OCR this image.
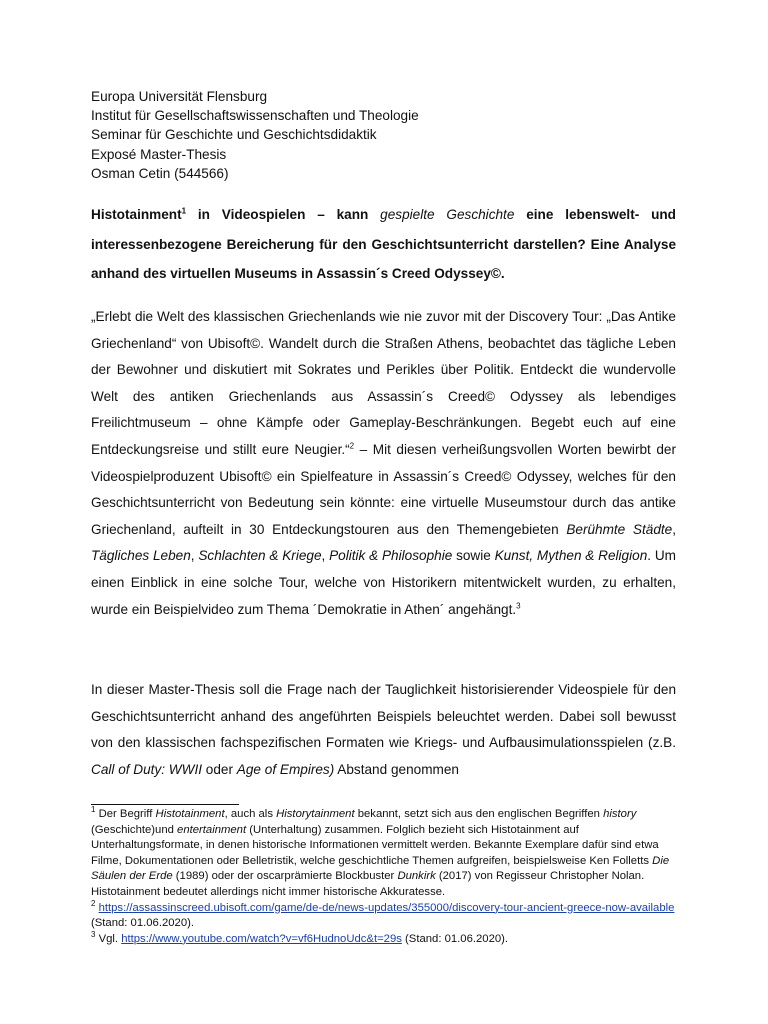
Europa Universität Flensburg
Institut für Gesellschaftswissenschaften und Theologie
Seminar für Geschichte und Geschichtsdidaktik
Exposé Master-Thesis
Osman Cetin (544566)
Histotainment$^1$ in Videospielen – kann gespielte Geschichte eine lebenswelt- und interessenbezogene Bereicherung für den Geschichtsunterricht darstellen? Eine Analyse anhand des virtuellen Museums in Assassin´s Creed Odyssey©.
„Erlebt die Welt des klassischen Griechenlands wie nie zuvor mit der Discovery Tour: „Das Antike Griechenland“ von Ubisoft©. Wandelt durch die Straßen Athens, beobachtet das tägliche Leben der Bewohner und diskutiert mit Sokrates und Perikles über Politik. Entdeckt die wundervolle Welt des antiken Griechenlands aus Assassin´s Creed© Odyssey als lebendiges Freilichtmuseum – ohne Kämpfe oder Gameplay-Beschränkungen. Begebt euch auf eine Entdeckungsreise und stillt eure Neugier.“$^2$ – Mit diesen verheißungsvollen Worten bewirbt der Videospielproduzent Ubisoft© ein Spielfeature in Assassin´s Creed© Odyssey, welches für den Geschichtsunterricht von Bedeutung sein könnte: eine virtuelle Museumstour durch das antike Griechenland, aufteilt in 30 Entdeckungstouren aus den Themengebieten Berühmte Städte, Tägliches Leben, Schlachten & Kriege, Politik & Philosophie sowie Kunst, Mythen & Religion. Um einen Einblick in eine solche Tour, welche von Historikern mitentwickelt wurden, zu erhalten, wurde ein Beispielvideo zum Thema ´Demokratie in Athen´ angehängt.$^3$
In dieser Master-Thesis soll die Frage nach der Tauglichkeit historisierender Videospiele für den Geschichtsunterricht anhand des angeführten Beispiels beleuchtet werden. Dabei soll bewusst von den klassischen fachspezifischen Formaten wie Kriegs- und Aufbausimulationsspielen (z.B. Call of Duty: WWII oder Age of Empires) Abstand genommen

$^1$ Der Begriff Histotainment, auch als Historytainment bekannt, setzt sich aus den englischen Begriffen history (Geschichte)und entertainment (Unterhaltung) zusammen. Folglich bezieht sich Histotainment auf Unterhaltungsformate, in denen historische Informationen vermittelt werden. Bekannte Exemplare dafür sind etwa Filme, Dokumentationen oder Belletristik, welche geschichtliche Themen aufgreifen, beispielsweise Ken Folletts Die Säulen der Erde (1989) oder der oscarprämierte Blockbuster Dunkirk (2017) von Regisseur Christopher Nolan. Histotainment bedeutet allerdings nicht immer historische Akkuratesse.

$^2$ https://assassinscreed.ubisoft.com/game/de-de/news-updates/355000/discovery-tour-ancient-greece-now-available (Stand: 01.06.2020).

$^3$ Vgl. https://www.youtube.com/watch?v=vf6HudnoUdc&t=29s (Stand: 01.06.2020).
